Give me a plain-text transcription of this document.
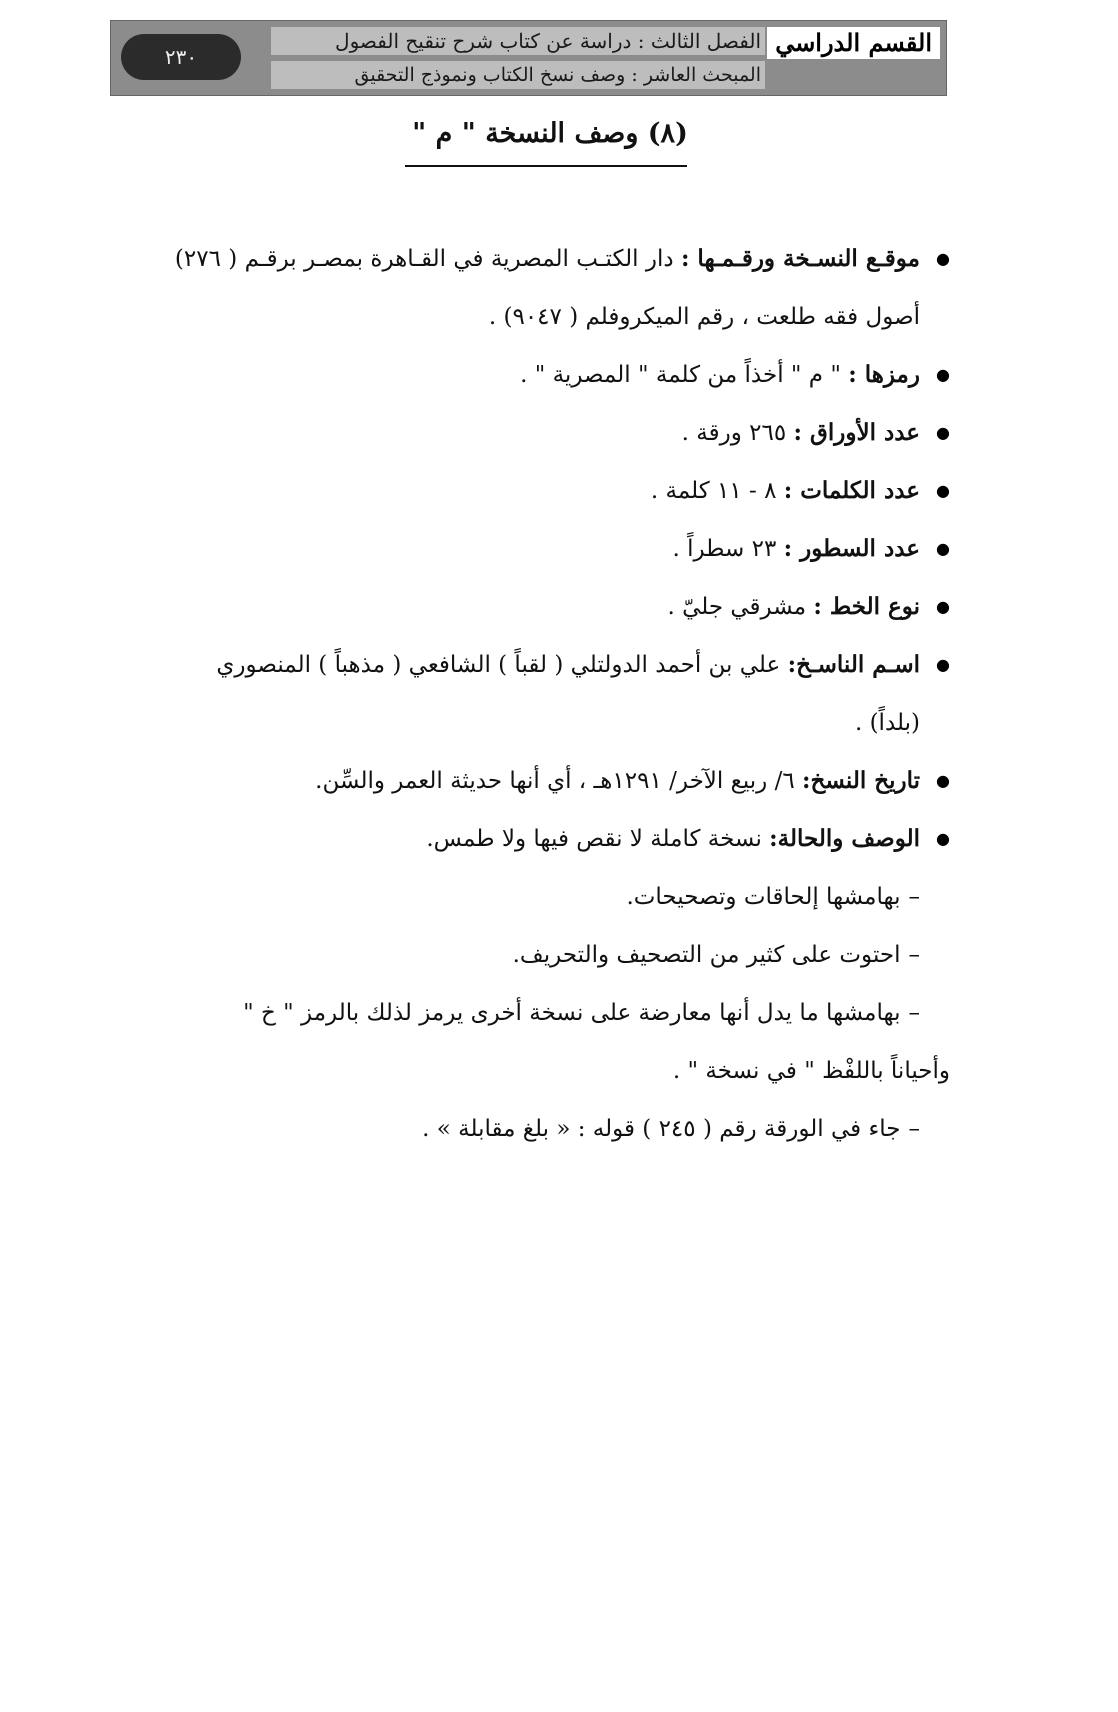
٢٣٠
الفصل الثالث : دراسة عن كتاب شرح تنقيح الفصول
المبحث العاشر : وصف نسخ الكتاب ونموذج التحقيق
القسم الدراسي
(٨) وصف النسخة " م "
● موقـع النسـخة ورقـمـها : دار الكتـب المصرية في القـاهرة بمصـر برقـم ( ٢٧٦)
أصول فقه طلعت ، رقم الميكروفلم ( ٩٠٤٧) .
● رمزها : " م " أخذاً من كلمة " المصرية " .
● عدد الأوراق : ٢٦٥ ورقة .
● عدد الكلمات : ٨ - ١١ كلمة .
● عدد السطور : ٢٣ سطراً .
● نوع الخط : مشرقي جليّ .
● اسـم الناسـخ: علي بن أحمد الدولتلي ( لقباً ) الشافعي ( مذهباً ) المنصوري
(بلداً) .
● تاريخ النسخ: ٦/ ربيع الآخر/ ١٢٩١هـ ، أي أنها حديثة العمر والسِّن.
● الوصف والحالة: نسخة كاملة لا نقص فيها ولا طمس.
–بهامشها إلحاقات وتصحيحات.
–احتوت على كثير من التصحيف والتحريف.
–بهامشها ما يدل أنها معارضة على نسخة أخرى يرمز لذلك بالرمز " خ "
وأحياناً باللفْظ " في نسخة " .
–جاء في الورقة رقم ( ٢٤٥ ) قوله : « بلغ مقابلة » .
